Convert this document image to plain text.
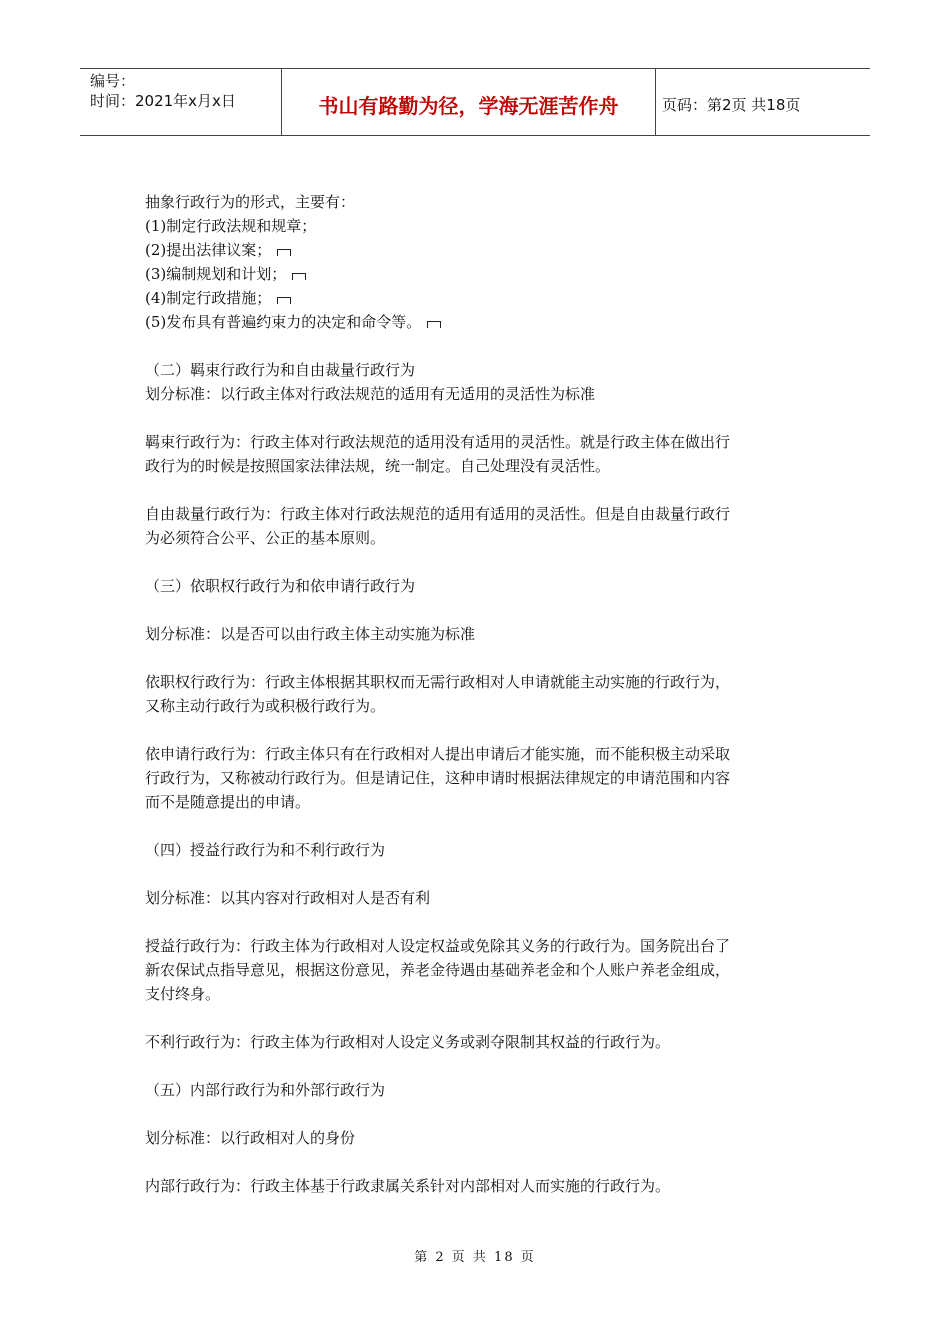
编号：
时间：2021年x月x日	书山有路勤为径，学海无涯苦作舟	页码：第2页 共18页

抽象行政行为的形式，主要有：

(1)制定行政法规和规章；

(2)提出法律议案；

(3)编制规划和计划；

(4)制定行政措施；

(5)发布具有普遍约束力的决定和命令等。

（二）羁束行政行为和自由裁量行政行为

划分标准：以行政主体对行政法规范的适用有无适用的灵活性为标准

羁束行政行为：行政主体对行政法规范的适用没有适用的灵活性。就是行政主体在做出行

政行为的时候是按照国家法律法规，统一制定。自己处理没有灵活性。

自由裁量行政行为：行政主体对行政法规范的适用有适用的灵活性。但是自由裁量行政行

为必须符合公平、公正的基本原则。

（三）依职权行政行为和依申请行政行为

划分标准：以是否可以由行政主体主动实施为标准

依职权行政行为：行政主体根据其职权而无需行政相对人申请就能主动实施的行政行为，

又称主动行政行为或积极行政行为。

依申请行政行为：行政主体只有在行政相对人提出申请后才能实施，而不能积极主动采取

行政行为，又称被动行政行为。但是请记住，这种申请时根据法律规定的申请范围和内容

而不是随意提出的申请。

（四）授益行政行为和不利行政行为

划分标准：以其内容对行政相对人是否有利

授益行政行为：行政主体为行政相对人设定权益或免除其义务的行政行为。国务院出台了

新农保试点指导意见，根据这份意见，养老金待遇由基础养老金和个人账户养老金组成，

支付终身。

不利行政行为：行政主体为行政相对人设定义务或剥夺限制其权益的行政行为。

（五）内部行政行为和外部行政行为

划分标准：以行政相对人的身份

内部行政行为：行政主体基于行政隶属关系针对内部相对人而实施的行政行为。

第 2 页 共 18 页
